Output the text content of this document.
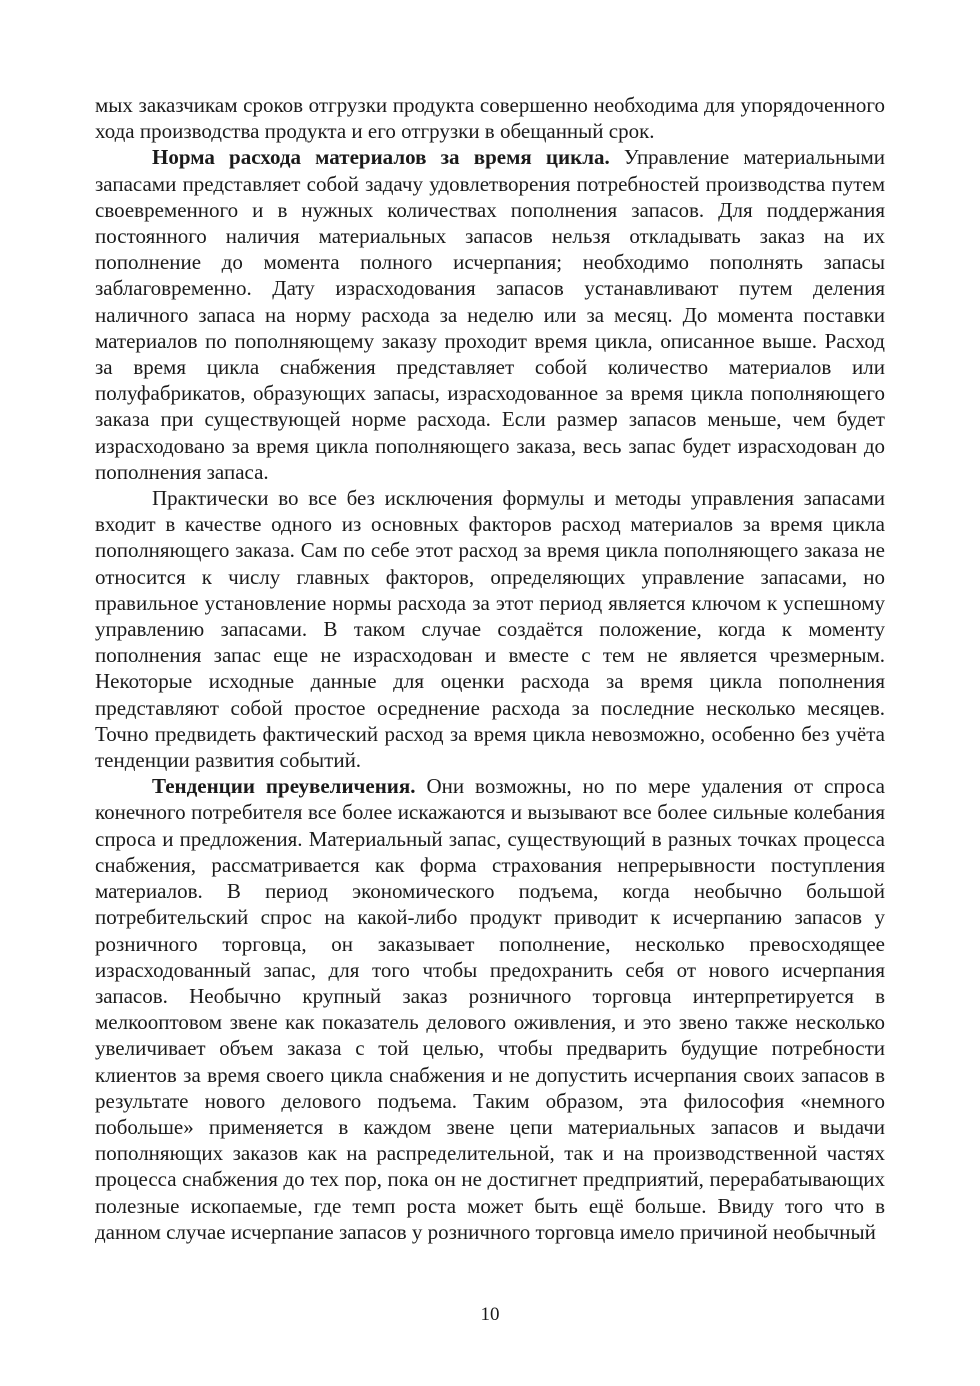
мых заказчикам сроков отгрузки продукта совершенно необходима для упорядоченного хода производства продукта и его отгрузки в обещанный срок.

Норма расхода материалов за время цикла. Управление материальными запасами представляет собой задачу удовлетворения потребностей производства путем своевременного и в нужных количествах пополнения запасов. Для поддержания постоянного наличия материальных запасов нельзя откладывать заказ на их пополнение до момента полного исчерпания; необходимо пополнять запасы заблаговременно. Дату израсходования запасов устанавливают путем деления наличного запаса на норму расхода за неделю или за месяц. До момента поставки материалов по пополняющему заказу проходит время цикла, описанное выше. Расход за время цикла снабжения представляет собой количество материалов или полуфабрикатов, образующих запасы, израсходованное за время цикла пополняющего заказа при существующей норме расхода. Если размер запасов меньше, чем будет израсходовано за время цикла пополняющего заказа, весь запас будет израсходован до пополнения запаса.

Практически во все без исключения формулы и методы управления запасами входит в качестве одного из основных факторов расход материалов за время цикла пополняющего заказа. Сам по себе этот расход за время цикла пополняющего заказа не относится к числу главных факторов, определяющих управление запасами, но правильное установление нормы расхода за этот период является ключом к успешному управлению запасами. В таком случае создаётся положение, когда к моменту пополнения запас еще не израсходован и вместе с тем не является чрезмерным. Некоторые исходные данные для оценки расхода за время цикла пополнения представляют собой простое осреднение расхода за последние несколько месяцев. Точно предвидеть фактический расход за время цикла невозможно, особенно без учёта тенденции развития событий.

Тенденции преувеличения. Они возможны, но по мере удаления от спроса конечного потребителя все более искажаются и вызывают все более сильные колебания спроса и предложения. Материальный запас, существующий в разных точках процесса снабжения, рассматривается как форма страхования непрерывности поступления материалов. В период экономического подъема, когда необычно большой потребительский спрос на какой-либо продукт приводит к исчерпанию запасов у розничного торговца, он заказывает пополнение, несколько превосходящее израсходованный запас, для того чтобы предохранить себя от нового исчерпания запасов. Необычно крупный заказ розничного торговца интерпретируется в мелкооптовом звене как показатель делового оживления, и это звено также несколько увеличивает объем заказа с той целью, чтобы предварить будущие потребности клиентов за время своего цикла снабжения и не допустить исчерпания своих запасов в результате нового делового подъема. Таким образом, эта философия «немного побольше» применяется в каждом звене цепи материальных запасов и выдачи пополняющих заказов как на распределительной, так и на производственной частях процесса снабжения до тех пор, пока он не достигнет предприятий, перерабатывающих полезные ископаемые, где темп роста может быть ещё больше. Ввиду того что в данном случае исчерпание запасов у розничного торговца имело причиной необычный

10
